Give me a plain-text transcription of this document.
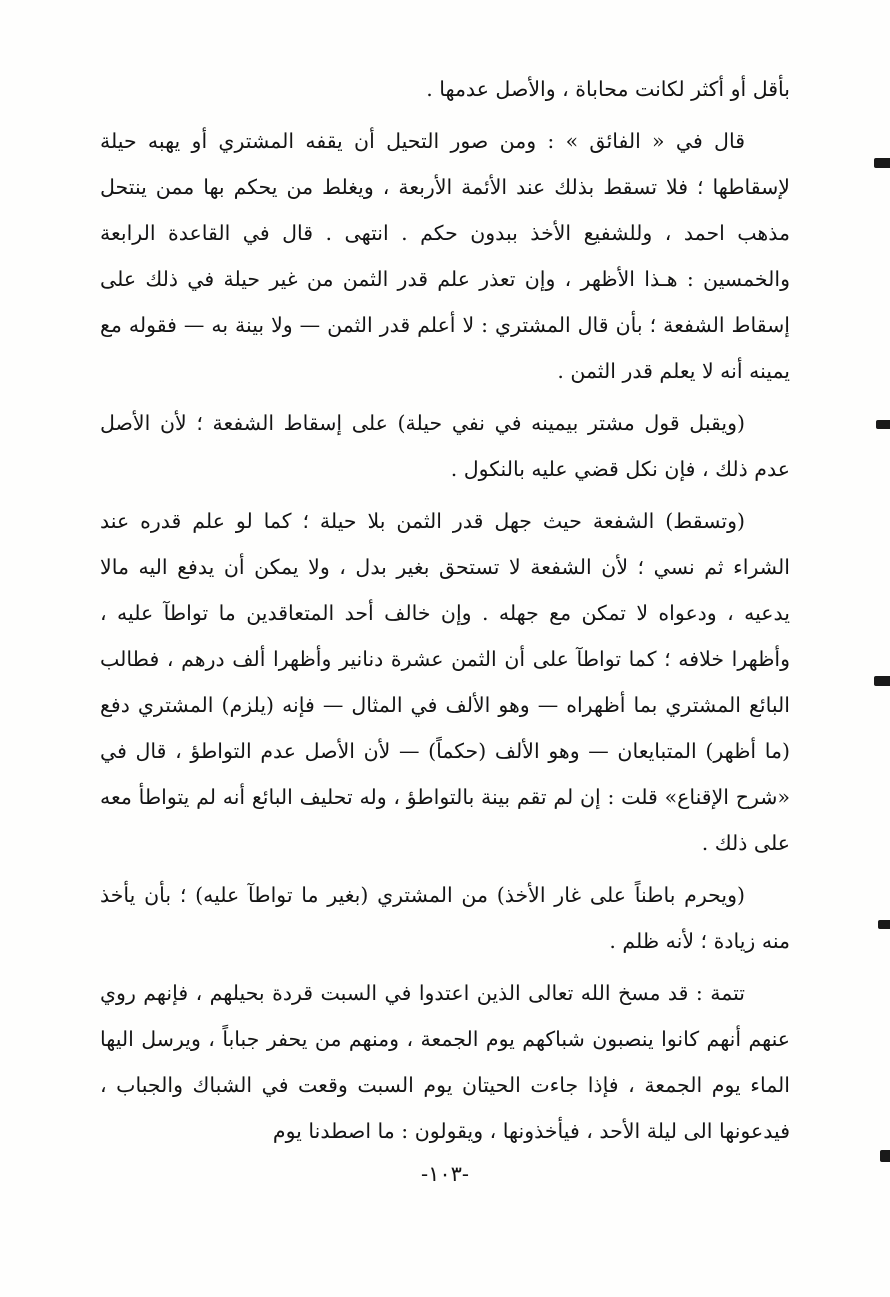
بأقل أو أكثر لكانت محاباة ، والأصل عدمها .

قال في « الفائق » : ومن صور التحيل أن يقفه المشتري أو يهبه حيلة لإسقاطها ؛ فلا تسقط بذلك عند الأئمة الأربعة ، ويغلط من يحكم بها ممن ينتحل مذهب احمد ، وللشفيع الأخذ ببدون حكم . انتهى . قال في القاعدة الرابعة والخمسين : هـذا الأظهر ، وإن تعذر علم قدر الثمن من غير حيلة في ذلك على إسقاط الشفعة ؛ بأن قال المشتري : لا أعلم قدر الثمن — ولا بينة به — فقوله مع يمينه أنه لا يعلم قدر الثمن .

(ويقبل قول مشتر بيمينه في نفي حيلة) على إسقاط الشفعة ؛ لأن الأصل عدم ذلك ، فإن نكل قضي عليه بالنكول .

(وتسقط) الشفعة حيث جهل قدر الثمن بلا حيلة ؛ كما لو علم قدره عند الشراء ثم نسي ؛ لأن الشفعة لا تستحق بغير بدل ، ولا يمكن أن يدفع اليه مالا يدعيه ، ودعواه لا تمكن مع جهله . وإن خالف أحد المتعاقدين ما تواطآ عليه ، وأظهرا خلافه ؛ كما تواطآ على أن الثمن عشرة دنانير وأظهرا ألف درهم ، فطالب البائع المشتري بما أظهراه — وهو الألف في المثال — فإنه (يلزم) المشتري دفع (ما أظهر) المتبايعان — وهو الألف (حكماً) — لأن الأصل عدم التواطؤ ، قال في «شرح الإقناع» قلت : إن لم تقم بينة بالتواطؤ ، وله تحليف البائع أنه لم يتواطأ معه على ذلك .

(ويحرم باطناً على غار الأخذ) من المشتري (بغير ما تواطآ عليه) ؛ بأن يأخذ منه زيادة ؛ لأنه ظلم .

تتمة : قد مسخ الله تعالى الذين اعتدوا في السبت قردة بحيلهم ، فإنهم روي عنهم أنهم كانوا ينصبون شباكهم يوم الجمعة ، ومنهم من يحفر جباباً ، ويرسل اليها الماء يوم الجمعة ، فإذا جاءت الحيتان يوم السبت وقعت في الشباك والجباب ، فيدعونها الى ليلة الأحد ، فيأخذونها ، ويقولون : ما اصطدنا يوم

-١٠٣-
